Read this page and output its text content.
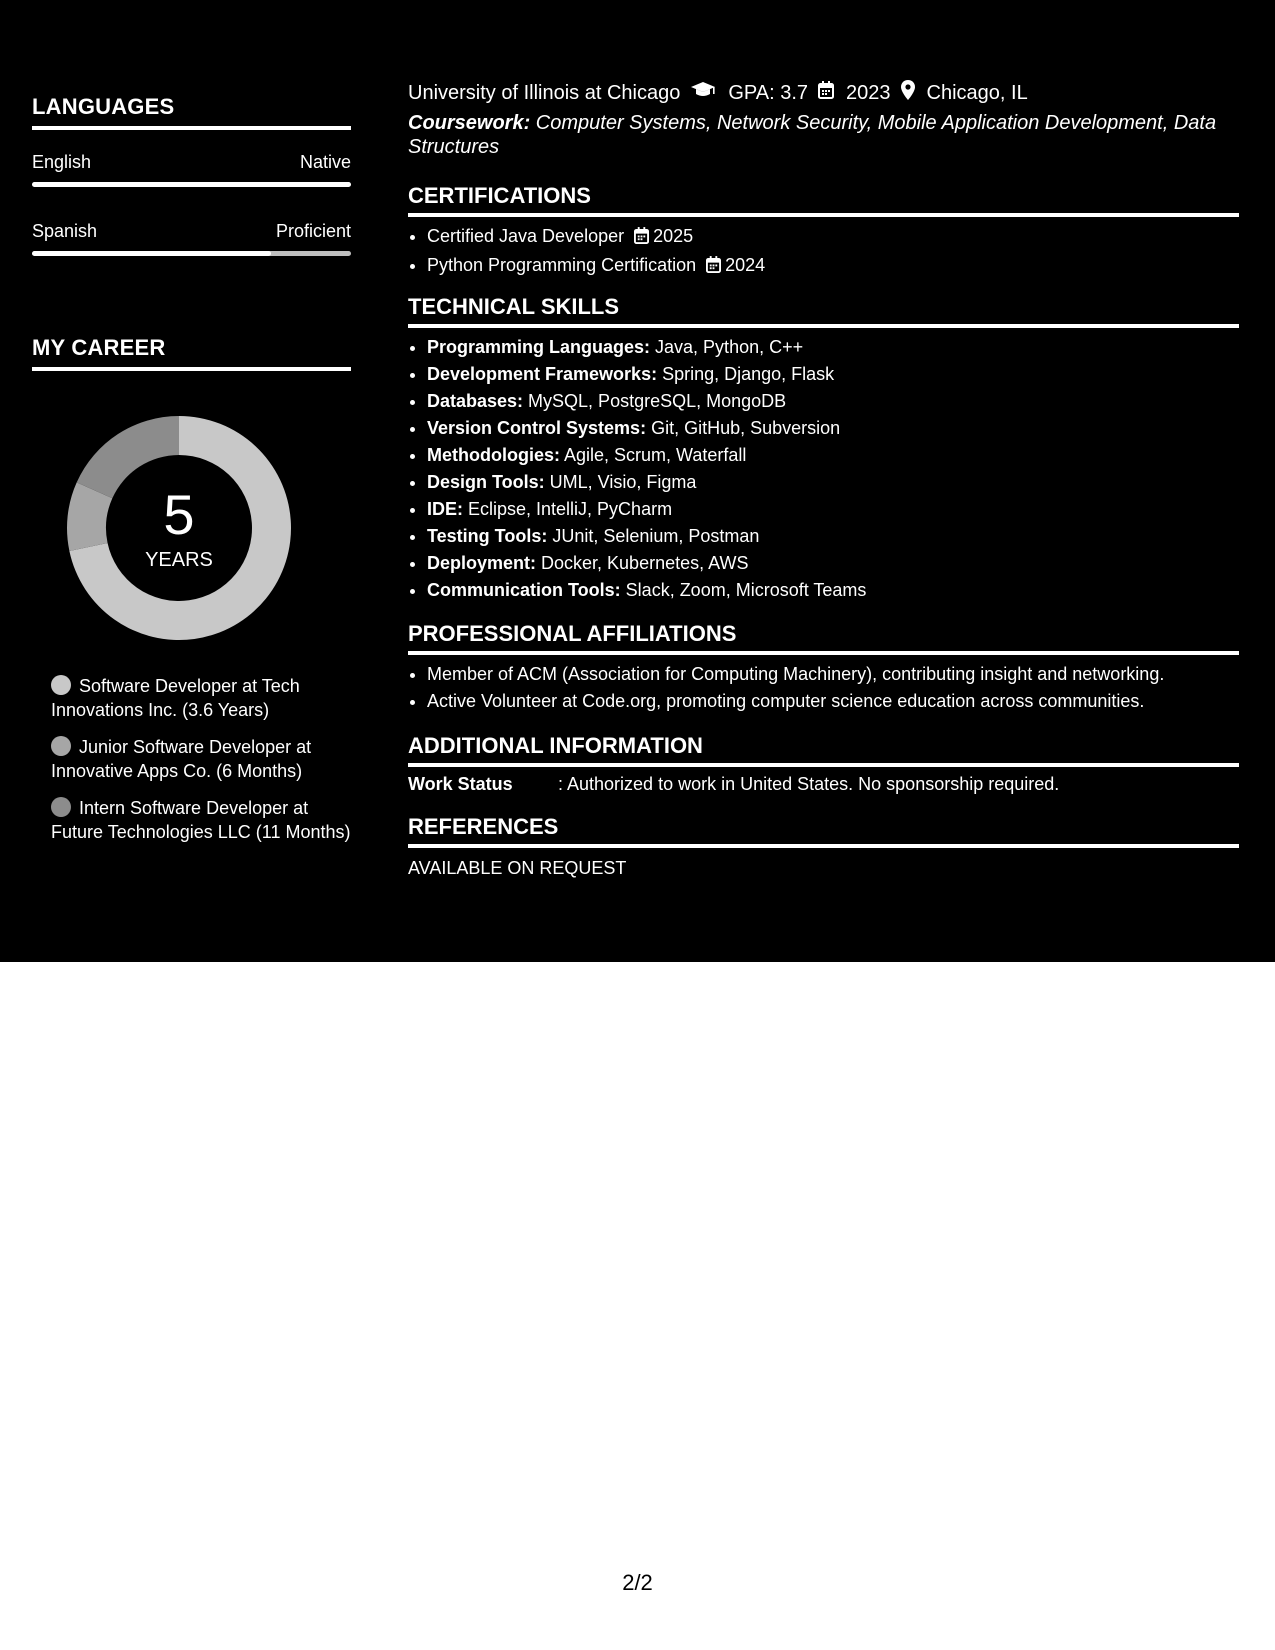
LANGUAGES
English	Native
Spanish	Proficient
MY CAREER
5
YEARS
Software Developer at Tech Innovations Inc. (3.6 Years)
Junior Software Developer at Innovative Apps Co. (6 Months)
Intern Software Developer at Future Technologies LLC (11 Months)
University of Illinois at Chicago GPA: 3.7 2023 Chicago, IL
Coursework: Computer Systems, Network Security, Mobile Application Development, Data Structures
CERTIFICATIONS
• Certified Java Developer 2025
• Python Programming Certification 2024
TECHNICAL SKILLS
• Programming Languages: Java, Python, C++
• Development Frameworks: Spring, Django, Flask
• Databases: MySQL, PostgreSQL, MongoDB
• Version Control Systems: Git, GitHub, Subversion
• Methodologies: Agile, Scrum, Waterfall
• Design Tools: UML, Visio, Figma
• IDE: Eclipse, IntelliJ, PyCharm
• Testing Tools: JUnit, Selenium, Postman
• Deployment: Docker, Kubernetes, AWS
• Communication Tools: Slack, Zoom, Microsoft Teams
PROFESSIONAL AFFILIATIONS
• Member of ACM (Association for Computing Machinery), contributing insight and networking.
• Active Volunteer at Code.org, promoting computer science education across communities.
ADDITIONAL INFORMATION
Work Status	: Authorized to work in United States. No sponsorship required.
REFERENCES
AVAILABLE ON REQUEST
2/2
